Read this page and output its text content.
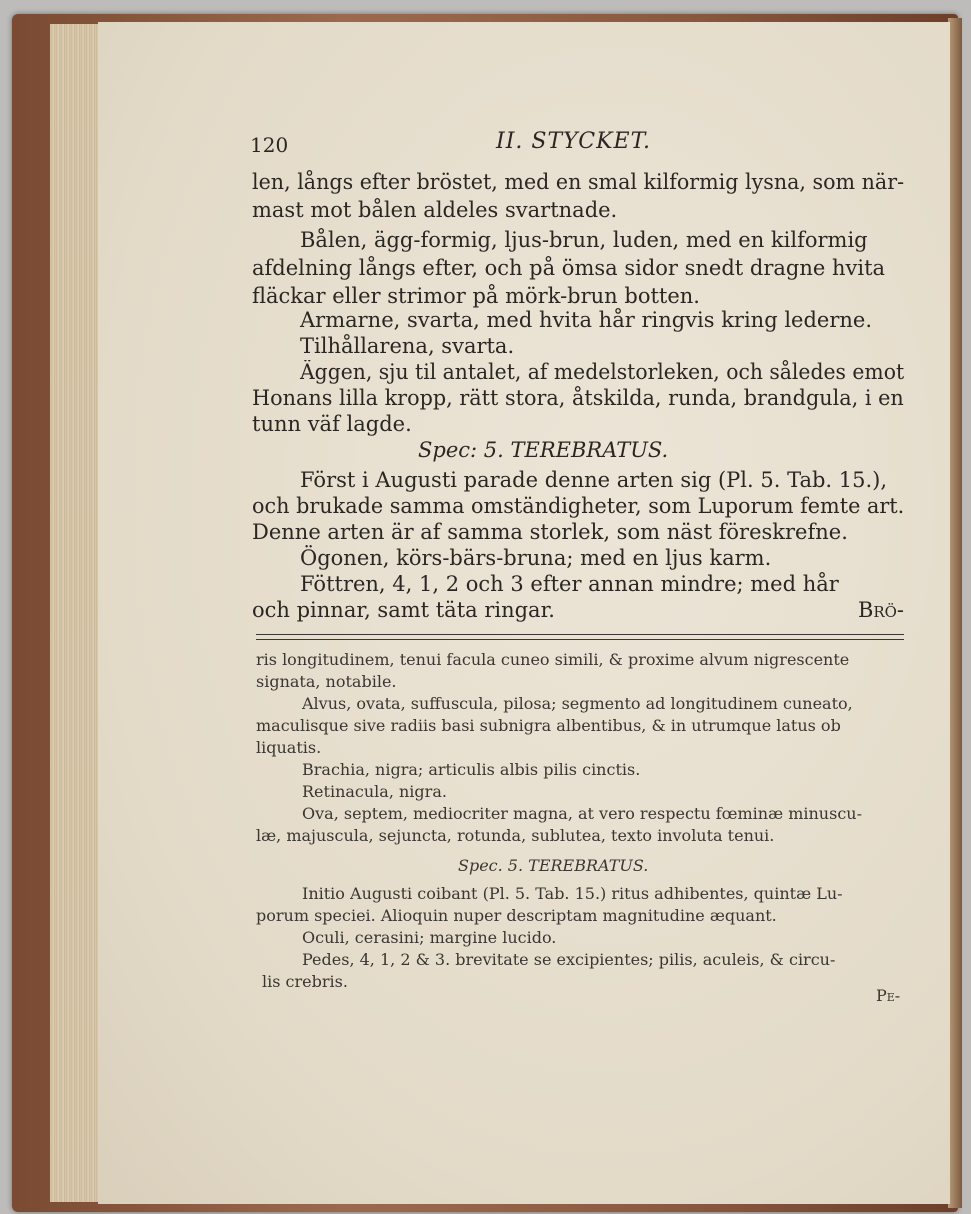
120	II. STYCKET.
len, långs efter bröstet, med en smal kilformig lysna, som när-
mast mot bålen aldeles svartnade.
Bålen, ägg-formig, ljus-brun, luden, med en kilformig
afdelning långs efter, och på ömsa sidor snedt dragne hvita
fläckar eller strimor på mörk-brun botten.
Armarne, svarta, med hvita hår ringvis kring lederne.
Tilhållarena, svarta.
Äggen, sju til antalet, af medelstorleken, och således emot
Honans lilla kropp, rätt stora, åtskilda, runda, brandgula, i en
tunn väf lagde.
Spec: 5. TEREBRATUS.
Först i Augusti parade denne arten sig (Pl. 5. Tab. 15.),
och brukade samma omständigheter, som Luporum femte art.
Denne arten är af samma storlek, som näst föreskrefne.
Ögonen, körs-bärs-bruna; med en ljus karm.
Föttren, 4, 1, 2 och 3 efter annan mindre; med hår
och pinnar, samt täta ringar.	Brö-
ris longitudinem, tenui facula cuneo simili, & proxime alvum nigrescente
signata, notabile.
Alvus, ovata, suffuscula, pilosa; segmento ad longitudinem cuneato,
maculisque sive radiis basi subnigra albentibus, & in utrumque latus ob
liquatis.
Brachia, nigra; articulis albis pilis cinctis.
Retinacula, nigra.
Ova, septem, mediocriter magna, at vero respectu fœminæ minuscu-
læ, majuscula, sejuncta, rotunda, sublutea, texto involuta tenui.
Spec. 5. TEREBRATUS.
Initio Augusti coibant (Pl. 5. Tab. 15.) ritus adhibentes, quintæ Lu-
porum speciei. Alioquin nuper descriptam magnitudine æquant.
Oculi, cerasini; margine lucido.
Pedes, 4, 1, 2 & 3. brevitate se excipientes; pilis, aculeis, & circu-
lis crebris.
Pe-
